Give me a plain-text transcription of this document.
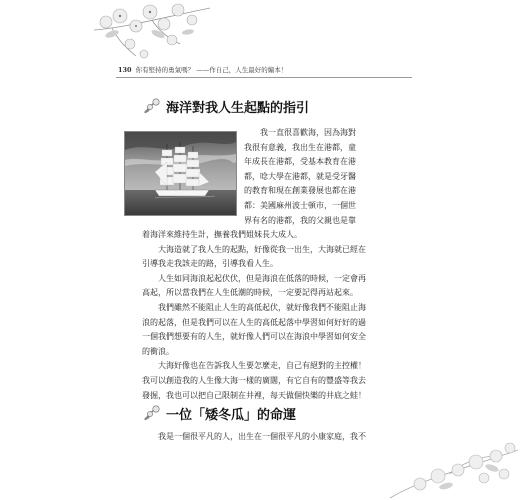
130 你有堅持的勇氣嗎？ ——作自己，人生最好的編本！
海洋對我人生起點的指引
我一直很喜歡海，因為海對
我很有意義，我出生在港都，童
年成長在港都，受基本教育在港
都，唸大學在港都，就是受牙醫
的教育和現在創業發展也都在港
都：美國麻州波士頓市，一個世
界有名的港都，我的父親也是靠
着海洋來維持生計，撫養我們姐妹長大成人。
大海造就了我人生的起點，好像從我一出生，大海就已經在
引導我走我該走的路，引導我看人生。
人生如同海浪起起伏伏，但是海浪在低落的時候，一定會再
高起，所以當我們在人生低潮的時候，一定要記得再站起來。
我們雖然不能阻止人生的高低起伏，就好像我們不能阻止海
浪的起落，但是我們可以在人生的高低起落中學習如何好好的過
一個我們想要有的人生，就好像人們可以在海浪中學習如何安全
的衝浪。
大海好像也在告訴我人生要怎麼走，自己有絕對的主控權！
我可以創造我的人生像大海一樣的廣闊，有它自有的豐盛等我去
發掘，我也可以把自己限制在井裡，每天做個快樂的井底之蛙！
一位 「矮冬瓜」 的命運
我是一個很平凡的人，出生在一個很平凡的小康家庭，我不
